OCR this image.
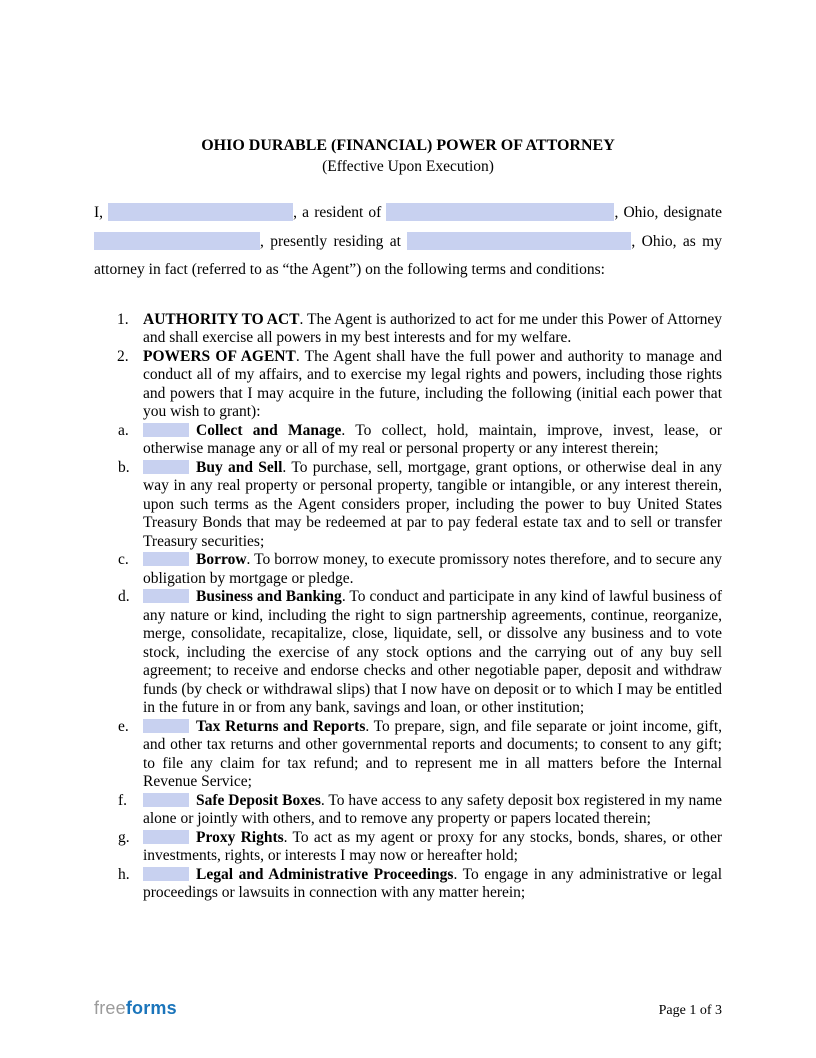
OHIO DURABLE (FINANCIAL) POWER OF ATTORNEY
(Effective Upon Execution)

I,	, a resident of	, Ohio, designate , presently residing at	, Ohio, as my attorney in fact (referred to as “the Agent”) on the following terms and conditions:

1. AUTHORITY TO ACT. The Agent is authorized to act for me under this Power of Attorney and shall exercise all powers in my best interests and for my welfare.
2. POWERS OF AGENT. The Agent shall have the full power and authority to manage and conduct all of my affairs, and to exercise my legal rights and powers, including those rights and powers that I may acquire in the future, including the following (initial each power that you wish to grant):
a.	Collect and Manage. To collect, hold, maintain, improve, invest, lease, or otherwise manage any or all of my real or personal property or any interest therein;
b.	Buy and Sell. To purchase, sell, mortgage, grant options, or otherwise deal in any way in any real property or personal property, tangible or intangible, or any interest therein, upon such terms as the Agent considers proper, including the power to buy United States Treasury Bonds that may be redeemed at par to pay federal estate tax and to sell or transfer Treasury securities;
c.	Borrow. To borrow money, to execute promissory notes therefore, and to secure any obligation by mortgage or pledge.
d.	Business and Banking. To conduct and participate in any kind of lawful business of any nature or kind, including the right to sign partnership agreements, continue, reorganize, merge, consolidate, recapitalize, close, liquidate, sell, or dissolve any business and to vote stock, including the exercise of any stock options and the carrying out of any buy sell agreement; to receive and endorse checks and other negotiable paper, deposit and withdraw funds (by check or withdrawal slips) that I now have on deposit or to which I may be entitled in the future in or from any bank, savings and loan, or other institution;
e.	Tax Returns and Reports. To prepare, sign, and file separate or joint income, gift, and other tax returns and other governmental reports and documents; to consent to any gift; to file any claim for tax refund; and to represent me in all matters before the Internal Revenue Service;
f.	Safe Deposit Boxes. To have access to any safety deposit box registered in my name alone or jointly with others, and to remove any property or papers located therein;
g.	Proxy Rights. To act as my agent or proxy for any stocks, bonds, shares, or other investments, rights, or interests I may now or hereafter hold;
h.	Legal and Administrative Proceedings. To engage in any administrative or legal proceedings or lawsuits in connection with any matter herein;
freeforms	Page 1 of 3
